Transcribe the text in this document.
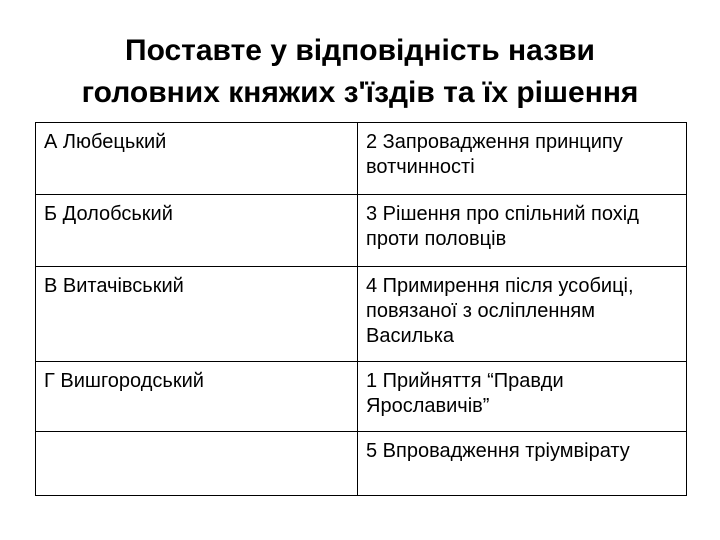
Поставте у відповідність назви
головних княжих з'їздів та їх рішення
А Любецький	2 Запровадження принципу вотчинності
Б Долобський	3 Рішення про спільний похід проти половців
В Витачівський	4 Примирення після усобиці, повязаної з осліпленням Василька
Г Вишгородський	1 Прийняття “Правди Ярославичів”
	5 Впровадження тріумвірату
